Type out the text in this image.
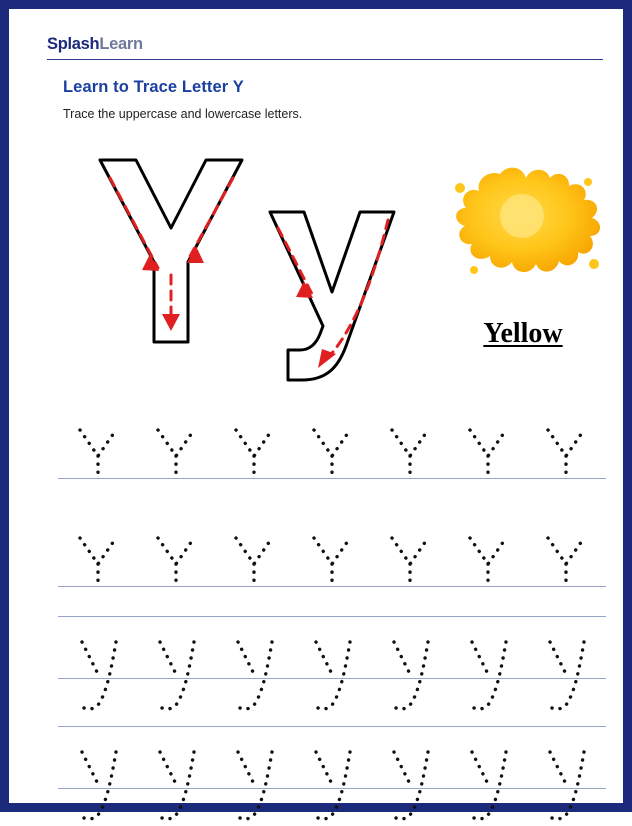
SplashLearn
Learn to Trace Letter Y
Trace the uppercase and lowercase letters.
Yellow
